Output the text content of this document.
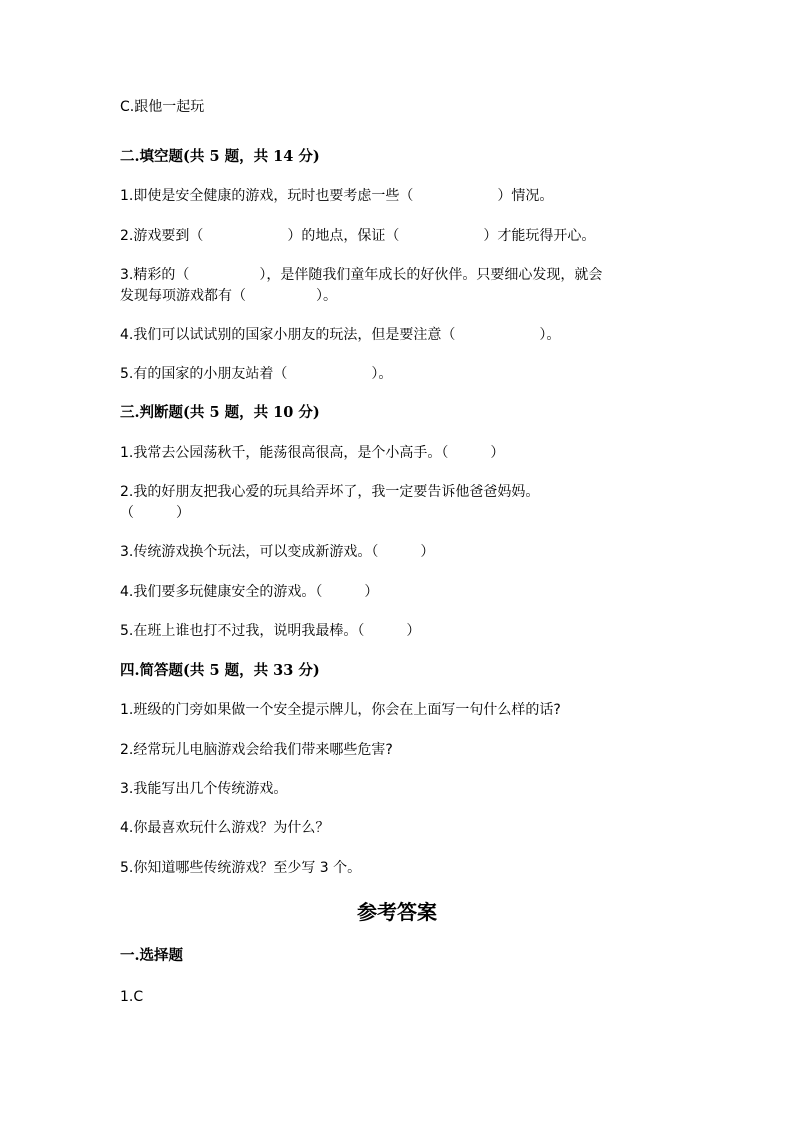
C.跟他一起玩
二.填空题(共 5 题，共 14 分)
1.即使是安全健康的游戏，玩时也要考虑一些（　　　　　　）情况。
2.游戏要到（　　　　　　）的地点，保证（　　　　　　）才能玩得开心。
3.精彩的（　　　　　），是伴随我们童年成长的好伙伴。只要细心发现，就会
发现每项游戏都有（　　　　　）。
4.我们可以试试别的国家小朋友的玩法，但是要注意（　　　　　　）。
5.有的国家的小朋友站着（　　　　　　）。
三.判断题(共 5 题，共 10 分)
1.我常去公园荡秋千，能荡很高很高，是个小高手。（　　　）
2.我的好朋友把我心爱的玩具给弄坏了，我一定要告诉他爸爸妈妈。
（　　　）
3.传统游戏换个玩法，可以变成新游戏。（　　　）
4.我们要多玩健康安全的游戏。（　　　）
5.在班上谁也打不过我，说明我最棒。（　　　）
四.简答题(共 5 题，共 33 分)
1.班级的门旁如果做一个安全提示牌儿，你会在上面写一句什么样的话?
2.经常玩儿电脑游戏会给我们带来哪些危害?
3.我能写出几个传统游戏。
4.你最喜欢玩什么游戏？为什么？
5.你知道哪些传统游戏？至少写 3 个。
参考答案
一.选择题
1.C
